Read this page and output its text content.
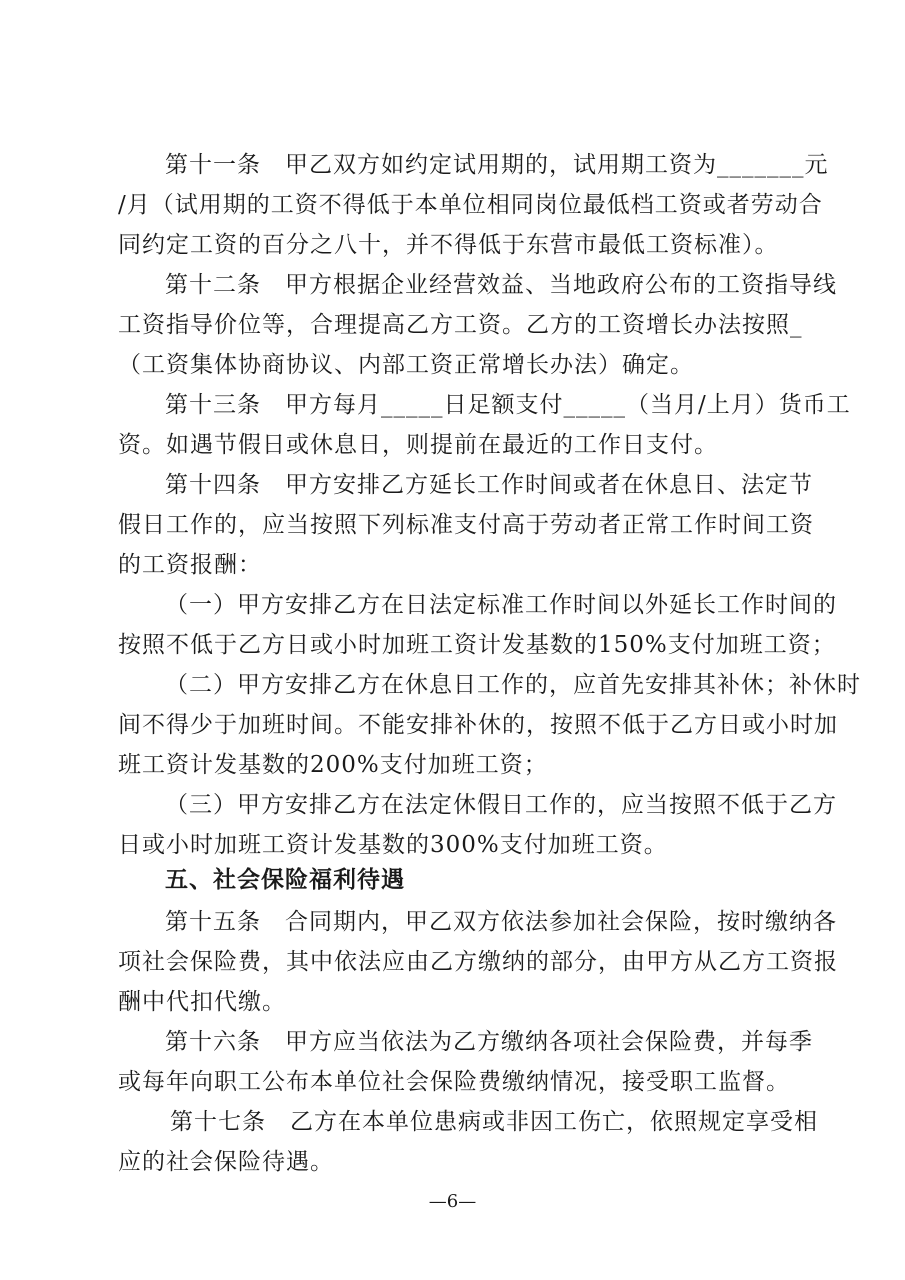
第十一条　甲乙双方如约定试用期的，试用期工资为_______元
/月（试用期的工资不得低于本单位相同岗位最低档工资或者劳动合
同约定工资的百分之八十，并不得低于东营市最低工资标准）。
第十二条　甲方根据企业经营效益、当地政府公布的工资指导线
工资指导价位等，合理提高乙方工资。乙方的工资增长办法按照_
（工资集体协商协议、内部工资正常增长办法）确定。
第十三条　甲方每月_____日足额支付_____（当月/上月）货币工
资。如遇节假日或休息日，则提前在最近的工作日支付。
第十四条　甲方安排乙方延长工作时间或者在休息日、法定节
假日工作的，应当按照下列标准支付高于劳动者正常工作时间工资
的工资报酬：
（一）甲方安排乙方在日法定标准工作时间以外延长工作时间的
按照不低于乙方日或小时加班工资计发基数的150%支付加班工资；
（二）甲方安排乙方在休息日工作的，应首先安排其补休；补休时
间不得少于加班时间。不能安排补休的，按照不低于乙方日或小时加
班工资计发基数的200%支付加班工资；
（三）甲方安排乙方在法定休假日工作的，应当按照不低于乙方
日或小时加班工资计发基数的300%支付加班工资。
五、社会保险福利待遇
第十五条　合同期内，甲乙双方依法参加社会保险，按时缴纳各
项社会保险费，其中依法应由乙方缴纳的部分，由甲方从乙方工资报
酬中代扣代缴。
第十六条　甲方应当依法为乙方缴纳各项社会保险费，并每季
或每年向职工公布本单位社会保险费缴纳情况，接受职工监督。
第十七条　乙方在本单位患病或非因工伤亡，依照规定享受相
应的社会保险待遇。
—6—
